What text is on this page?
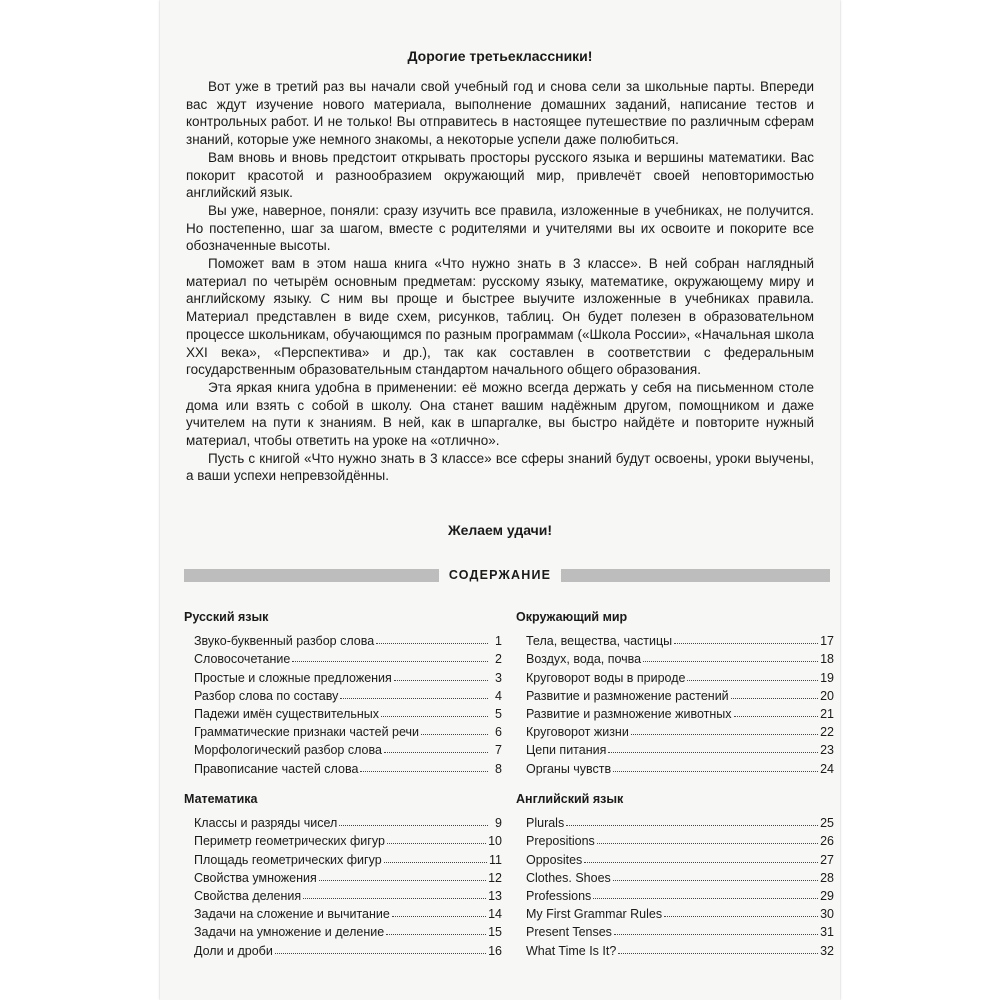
Дорогие третьеклассники!

Вот уже в третий раз вы начали свой учебный год и снова сели за школьные парты. Впереди вас ждут изучение нового материала, выполнение домашних заданий, написание тестов и контрольных работ. И не только! Вы отправитесь в настоящее путешествие по различным сферам знаний, которые уже немного знакомы, а некоторые успели даже полюбиться.

Вам вновь и вновь предстоит открывать просторы русского языка и вершины математики. Вас покорит красотой и разнообразием окружающий мир, привлечёт своей неповторимостью английский язык.

Вы уже, наверное, поняли: сразу изучить все правила, изложенные в учебниках, не получится. Но постепенно, шаг за шагом, вместе с родителями и учителями вы их освоите и покорите все обозначенные высоты.

Поможет вам в этом наша книга «Что нужно знать в 3 классе». В ней собран наглядный материал по четырём основным предметам: русскому языку, математике, окружающему миру и английскому языку. С ним вы проще и быстрее выучите изложенные в учебниках правила. Материал представлен в виде схем, рисунков, таблиц. Он будет полезен в образовательном процессе школьникам, обучающимся по разным программам («Школа России», «Начальная школа XXI века», «Перспектива» и др.), так как составлен в соответствии с федеральным государственным образовательным стандартом начального общего образования.

Эта яркая книга удобна в применении: её можно всегда держать у себя на письменном столе дома или взять с собой в школу. Она станет вашим надёжным другом, помощником и даже учителем на пути к знаниям. В ней, как в шпаргалке, вы быстро найдёте и повторите нужный материал, чтобы ответить на уроке на «отлично».

Пусть с книгой «Что нужно знать в 3 классе» все сферы знаний будут освоены, уроки выучены, а ваши успехи непревзойдённы.

Желаем удачи!
СОДЕРЖАНИЕ
Русский язык
Звуко-буквенный разбор слова	1
Словосочетание	2
Простые и сложные предложения	3
Разбор слова по составу	4
Падежи имён существительных	5
Грамматические признаки частей речи	6
Морфологический разбор слова	7
Правописание частей слова	8
Математика
Классы и разряды чисел	9
Периметр геометрических фигур	10
Площадь геометрических фигур	11
Свойства умножения	12
Свойства деления	13
Задачи на сложение и вычитание	14
Задачи на умножение и деление	15
Доли и дроби	16
Окружающий мир
Тела, вещества, частицы	17
Воздух, вода, почва	18
Круговорот воды в природе	19
Развитие и размножение растений	20
Развитие и размножение животных	21
Круговорот жизни	22
Цепи питания	23
Органы чувств	24
Английский язык
Plurals	25
Prepositions	26
Opposites	27
Clothes. Shoes	28
Professions	29
My First Grammar Rules	30
Present Tenses	31
What Time Is It?	32
